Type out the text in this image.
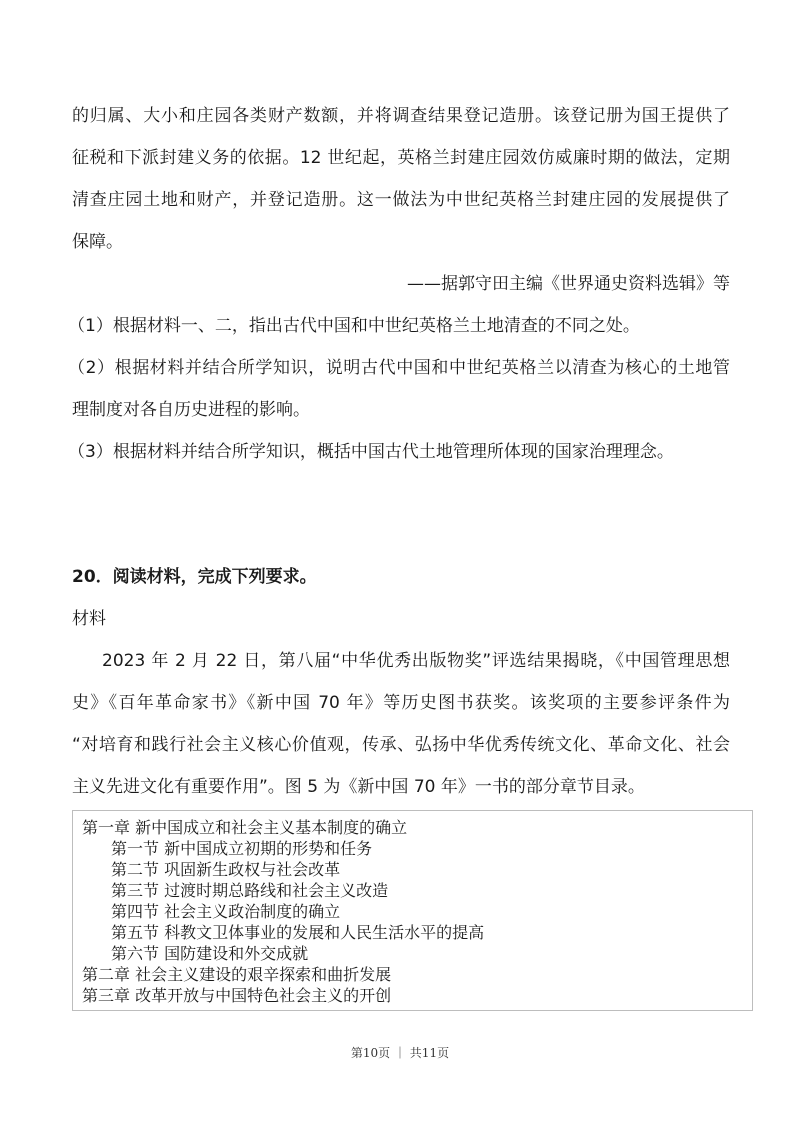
的归属、大小和庄园各类财产数额，并将调查结果登记造册。该登记册为国王提供了
征税和下派封建义务的依据。12 世纪起，英格兰封建庄园效仿威廉时期的做法，定期
清查庄园土地和财产，并登记造册。这一做法为中世纪英格兰封建庄园的发展提供了
保障。
——据郭守田主编《世界通史资料选辑》等
（1）根据材料一、二，指出古代中国和中世纪英格兰土地清查的不同之处。
（2）根据材料并结合所学知识，说明古代中国和中世纪英格兰以清查为核心的土地管
理制度对各自历史进程的影响。
（3）根据材料并结合所学知识，概括中国古代土地管理所体现的国家治理理念。
20．阅读材料，完成下列要求。
材料
2023 年 2 月 22 日，第八届“中华优秀出版物奖”评选结果揭晓，《中国管理思想
史》《百年革命家书》《新中国 70 年》等历史图书获奖。该奖项的主要参评条件为
“对培育和践行社会主义核心价值观，传承、弘扬中华优秀传统文化、革命文化、社会
主义先进文化有重要作用”。图 5 为《新中国 70 年》一书的部分章节目录。
第一章 新中国成立和社会主义基本制度的确立
第一节 新中国成立初期的形势和任务
第二节 巩固新生政权与社会改革
第三节 过渡时期总路线和社会主义改造
第四节 社会主义政治制度的确立
第五节 科教文卫体事业的发展和人民生活水平的提高
第六节 国防建设和外交成就
第二章 社会主义建设的艰辛探索和曲折发展
第三章 改革开放与中国特色社会主义的开创
第10页 ｜ 共11页
